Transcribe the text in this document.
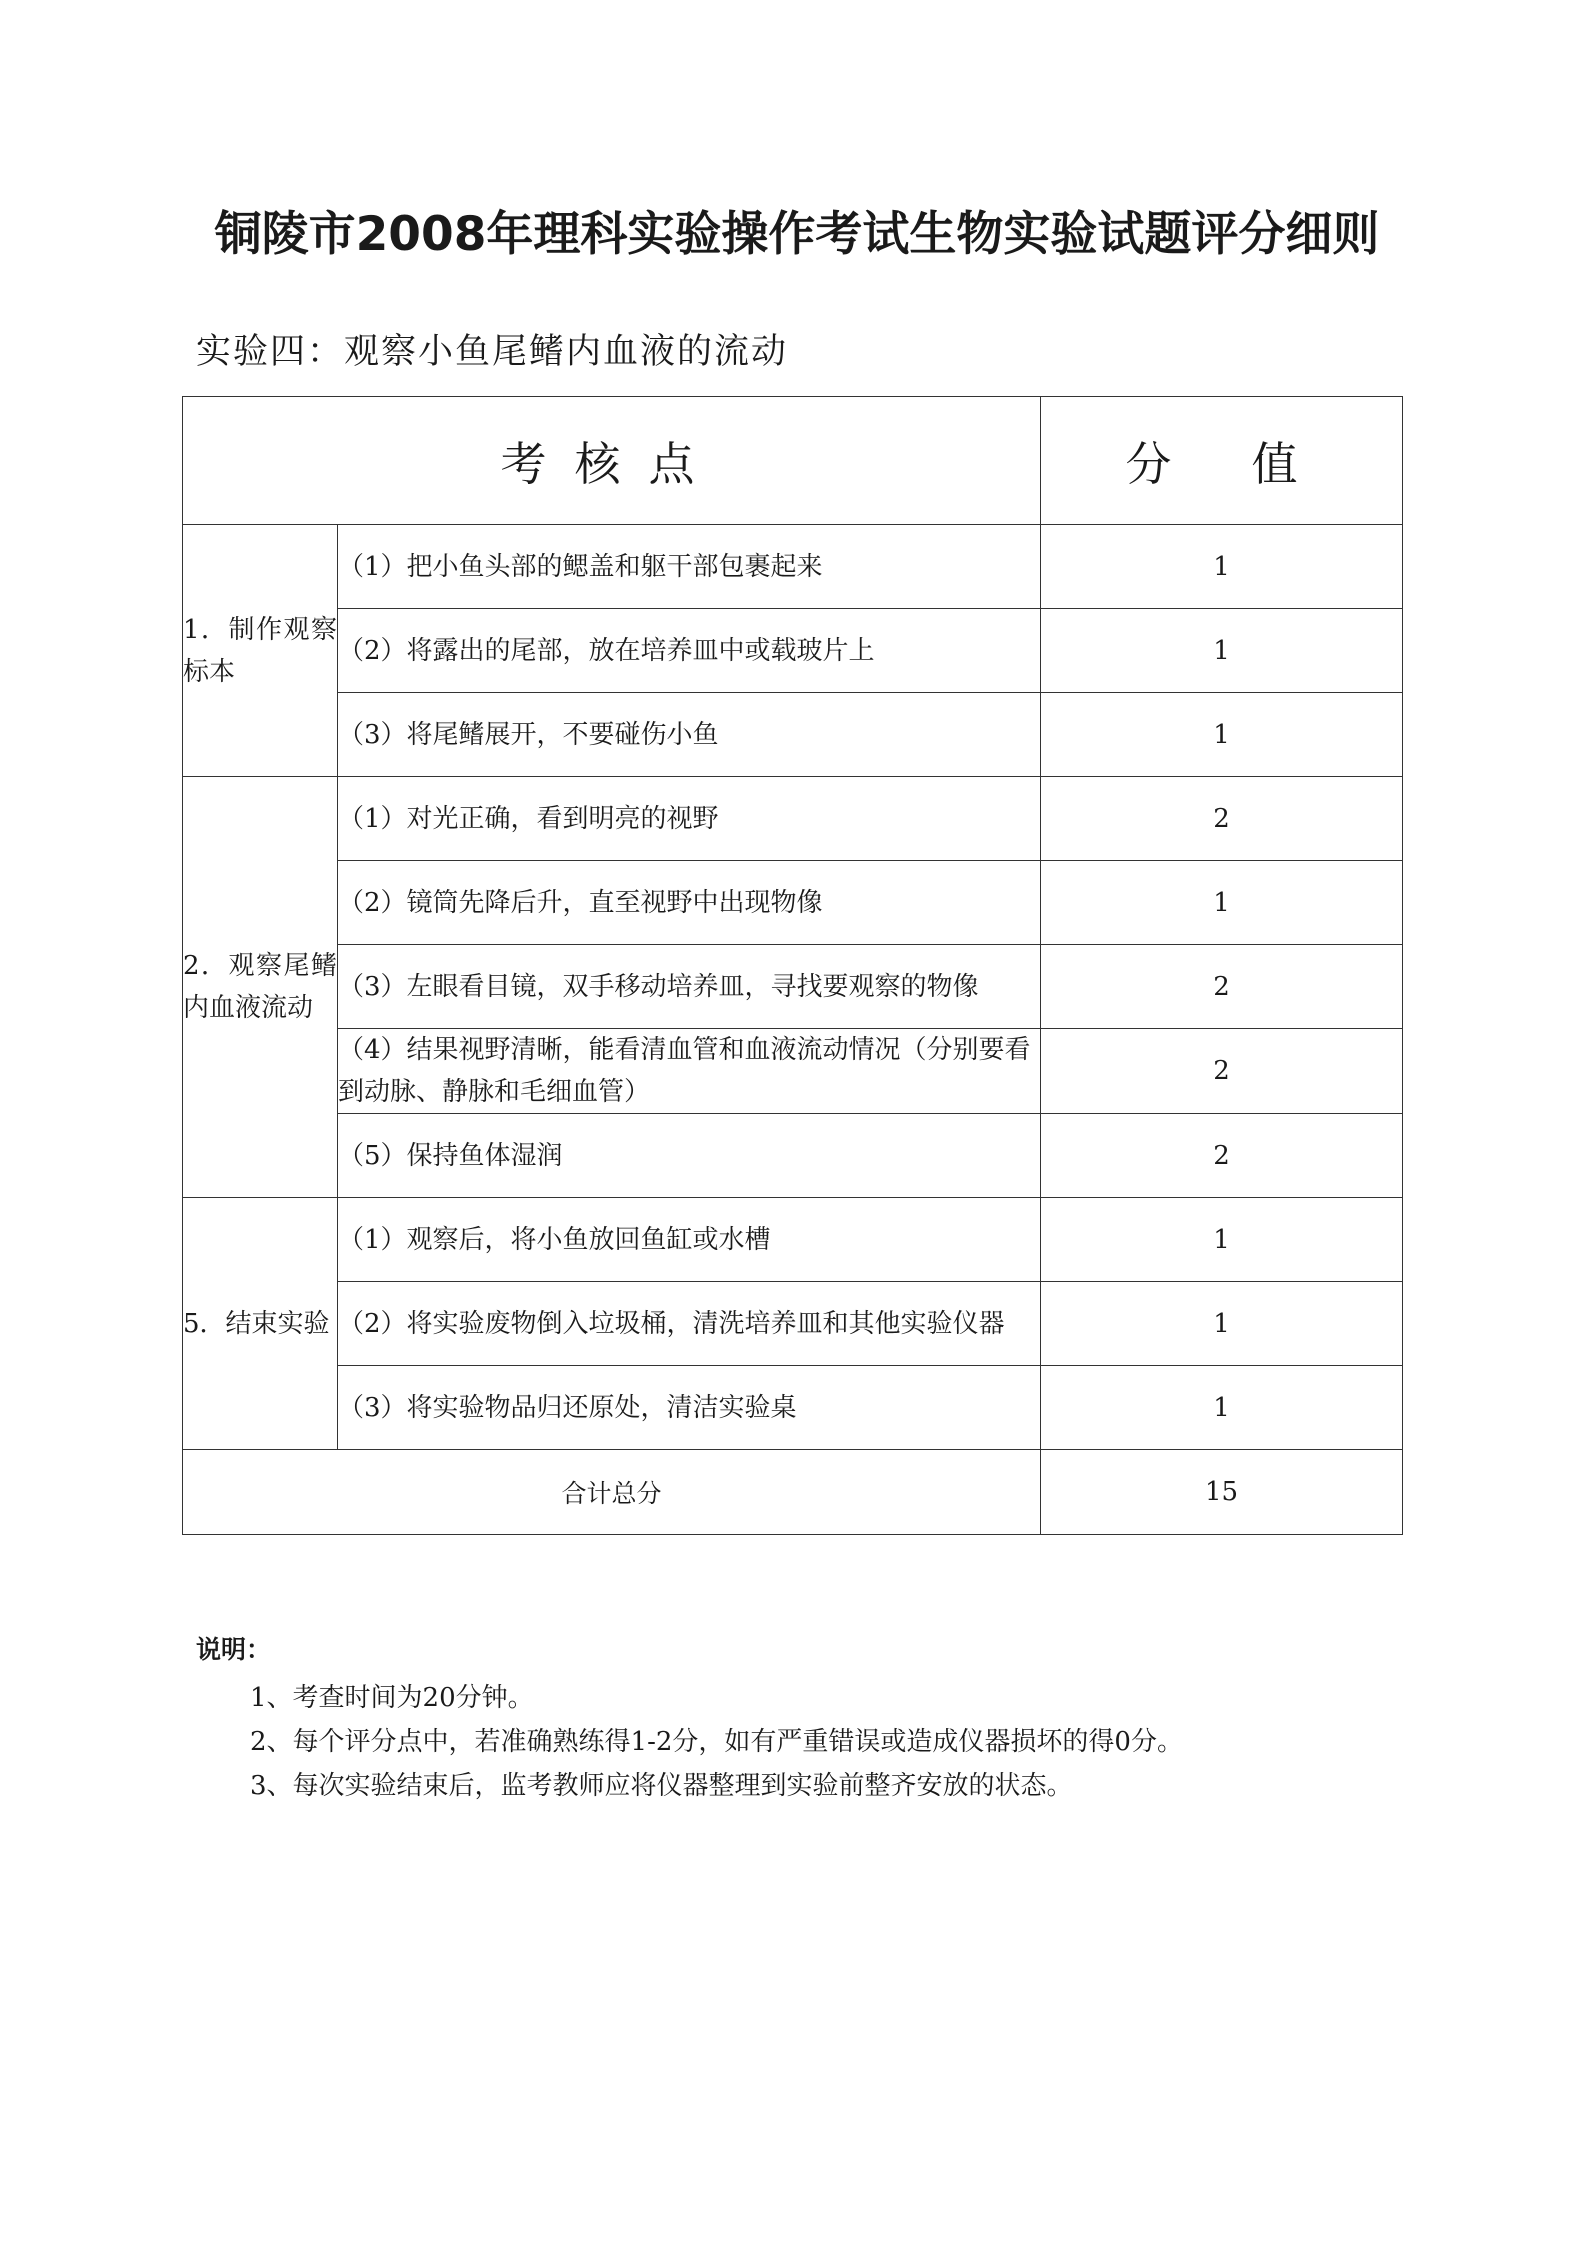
铜陵市2008年理科实验操作考试生物实验试题评分细则
实验四：观察小鱼尾鳍内血液的流动
考核点		分值
1．制作观察标本	（1）把小鱼头部的鳃盖和躯干部包裹起来	1
	（2）将露出的尾部，放在培养皿中或载玻片上	1
	（3）将尾鳍展开，不要碰伤小鱼	1
2．观察尾鳍内血液流动	（1）对光正确，看到明亮的视野	2
	（2）镜筒先降后升，直至视野中出现物像	1
	（3）左眼看目镜，双手移动培养皿，寻找要观察的物像	2
	（4）结果视野清晰，能看清血管和血液流动情况（分别要看到动脉、静脉和毛细血管）	2
	（5）保持鱼体湿润	2
5．结束实验	（1）观察后，将小鱼放回鱼缸或水槽	1
	（2）将实验废物倒入垃圾桶，清洗培养皿和其他实验仪器	1
	（3）将实验物品归还原处，清洁实验桌	1
合计总分		15

说明：

1、考查时间为20分钟。

2、每个评分点中，若准确熟练得1-2分，如有严重错误或造成仪器损坏的得0分。

3、每次实验结束后，监考教师应将仪器整理到实验前整齐安放的状态。
